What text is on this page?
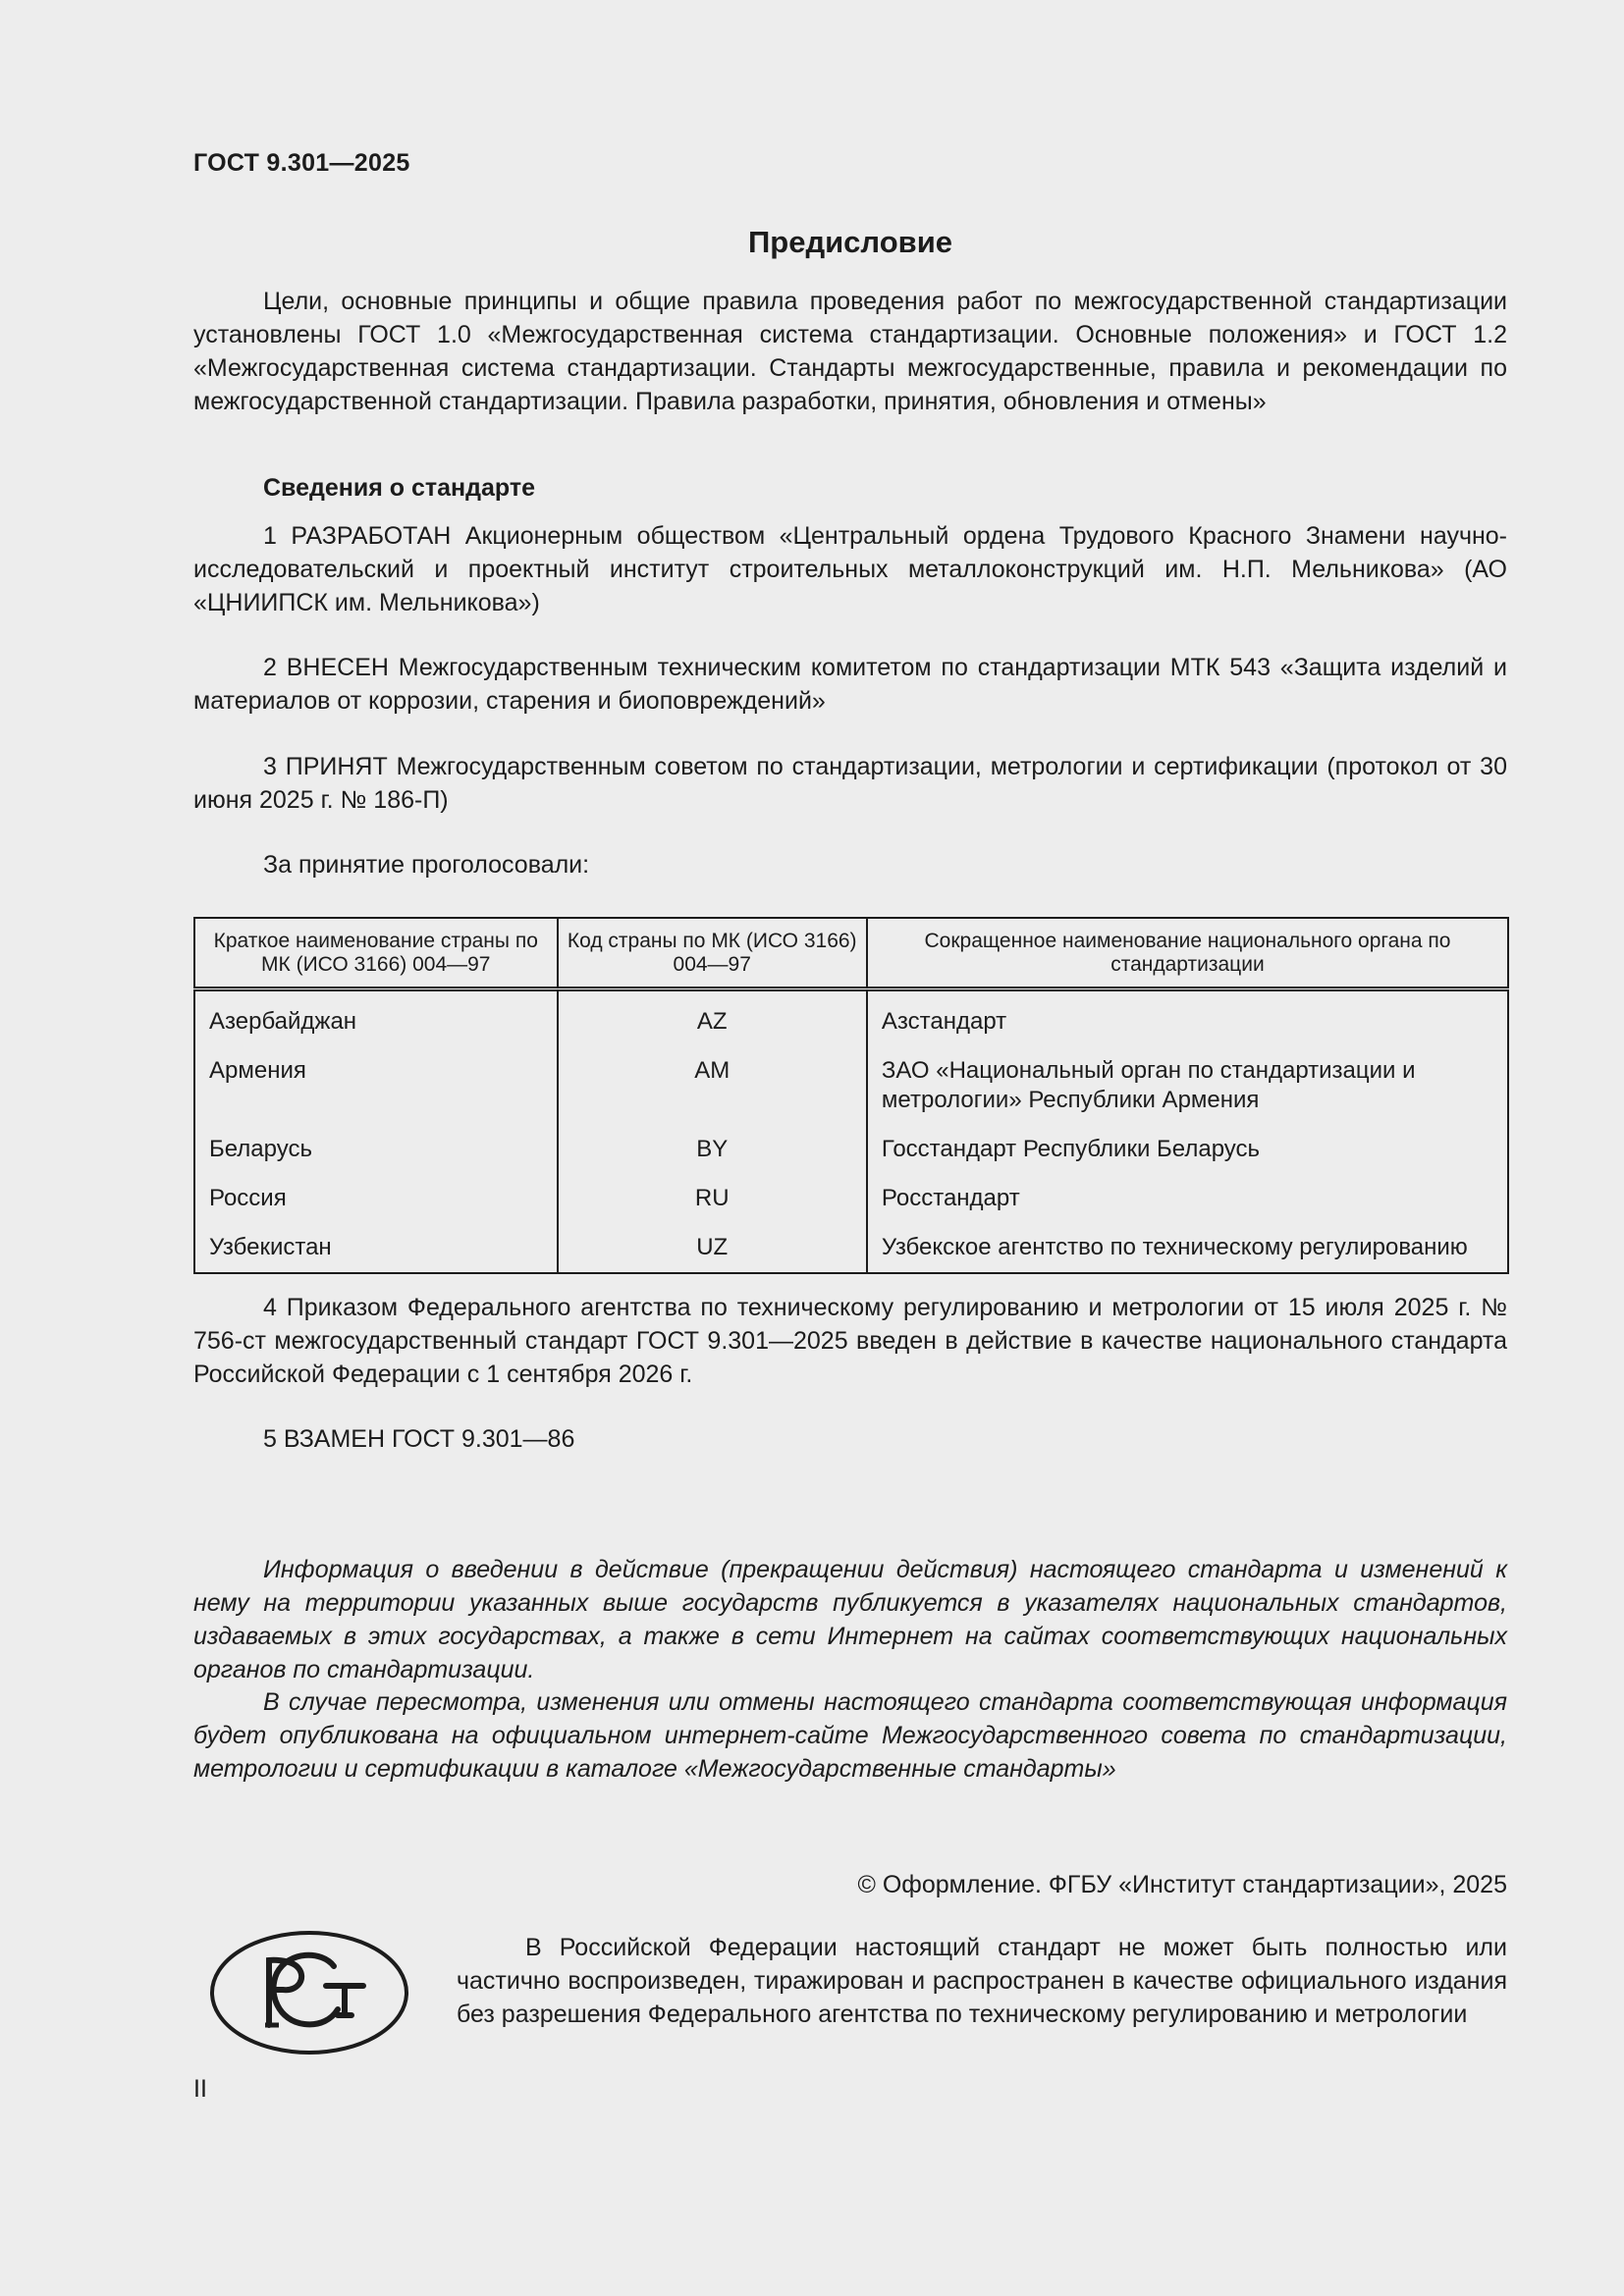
ГОСТ 9.301—2025
Предисловие

Цели, основные принципы и общие правила проведения работ по межгосударственной стандартизации установлены ГОСТ 1.0 «Межгосударственная система стандартизации. Основные положения» и ГОСТ 1.2 «Межгосударственная система стандартизации. Стандарты межгосударственные, правила и рекомендации по межгосударственной стандартизации. Правила разработки, принятия, обновления и отмены»

Сведения о стандарте

1 РАЗРАБОТАН Акционерным обществом «Центральный ордена Трудового Красного Знамени научно-исследовательский и проектный институт строительных металлоконструкций им. Н.П. Мельникова» (АО «ЦНИИПСК им. Мельникова»)

2 ВНЕСЕН Межгосударственным техническим комитетом по стандартизации МТК 543 «Защита изделий и материалов от коррозии, старения и биоповреждений»

3 ПРИНЯТ Межгосударственным советом по стандартизации, метрологии и сертификации (протокол от 30 июня 2025 г. № 186-П)

За принятие проголосовали:

Краткое наименование страны по МК (ИСО 3166) 004—97	Код страны по МК (ИСО 3166) 004—97	Сокращенное наименование национального органа по стандартизации
Азербайджан	AZ	Азстандарт
Армения	AM	ЗАО «Национальный орган по стандартизации и метрологии» Республики Армения
Беларусь	BY	Госстандарт Республики Беларусь
Россия	RU	Росстандарт
Узбекистан	UZ	Узбекское агентство по техническому регулированию

4 Приказом Федерального агентства по техническому регулированию и метрологии от 15 июля 2025 г. № 756-ст межгосударственный стандарт ГОСТ 9.301—2025 введен в действие в качестве национального стандарта Российской Федерации с 1 сентября 2026 г.

5 ВЗАМЕН ГОСТ 9.301—86

Информация о введении в действие (прекращении действия) настоящего стандарта и изменений к нему на территории указанных выше государств публикуется в указателях национальных стандартов, издаваемых в этих государствах, а также в сети Интернет на сайтах соответствующих национальных органов по стандартизации.

В случае пересмотра, изменения или отмены настоящего стандарта соответствующая информация будет опубликована на официальном интернет-сайте Межгосударственного совета по стандартизации, метрологии и сертификации в каталоге «Межгосударственные стандарты»

© Оформление. ФГБУ «Институт стандартизации», 2025

В Российской Федерации настоящий стандарт не может быть полностью или частично воспроизведен, тиражирован и распространен в качестве официального издания без разрешения Федерального агентства по техническому регулированию и метрологии

II
